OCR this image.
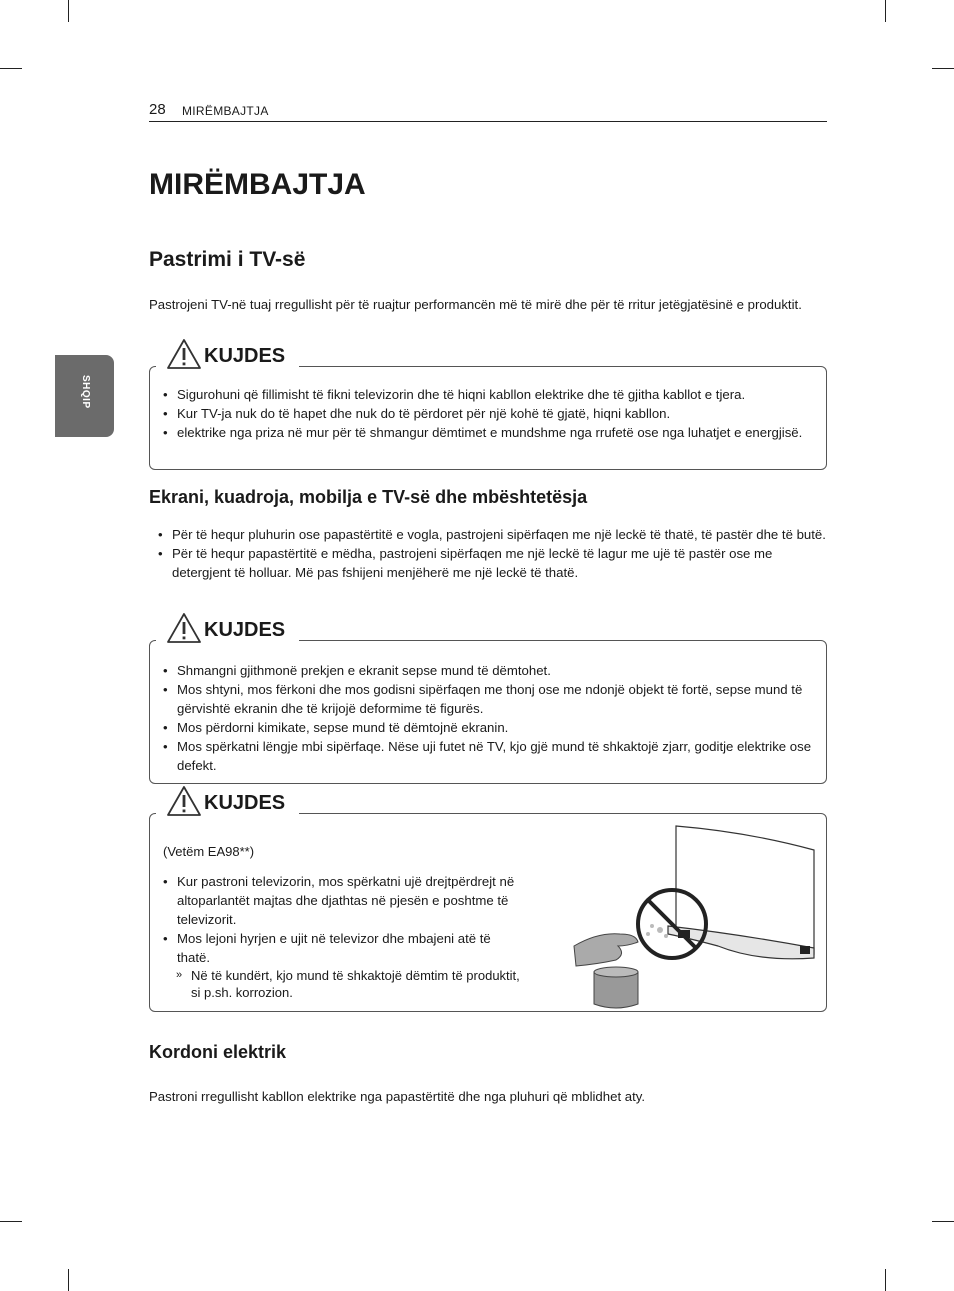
28 MIRËMBAJTJA
SHQIP
MIRËMBAJTJA
Pastrimi i TV-së

Pastrojeni TV-në tuaj rregullisht për të ruajtur performancën më të mirë dhe për të rritur jetëgjatësinë e produktit.

KUJDES
• Sigurohuni që fillimisht të fikni televizorin dhe të hiqni kabllon elektrike dhe të gjitha kabllot e tjera.
• Kur TV-ja nuk do të hapet dhe nuk do të përdoret për një kohë të gjatë, hiqni kabllon.
• elektrike nga priza në mur për të shmangur dëmtimet e mundshme nga rrufetë ose nga luhatjet e energjisë.
Ekrani, kuadroja, mobilja e TV-së dhe mbështetësja
• Për të hequr pluhurin ose papastërtitë e vogla, pastrojeni sipërfaqen me një leckë të thatë, të pastër dhe të butë.
• Për të hequr papastërtitë e mëdha, pastrojeni sipërfaqen me një leckë të lagur me ujë të pastër ose me detergjent të holluar. Më pas fshijeni menjëherë me një leckë të thatë.
KUJDES
• Shmangni gjithmonë prekjen e ekranit sepse mund të dëmtohet.
• Mos shtyni, mos fërkoni dhe mos godisni sipërfaqen me thonj ose me ndonjë objekt të fortë, sepse mund të gërvishtë ekranin dhe të krijojë deformime të figurës.
• Mos përdorni kimikate, sepse mund të dëmtojnë ekranin.
• Mos spërkatni lëngje mbi sipërfaqe. Nëse uji futet në TV, kjo gjë mund të shkaktojë zjarr, goditje elektrike ose defekt.
KUJDES
(Vetëm EA98**)
• Kur pastroni televizorin, mos spërkatni ujë drejtpërdrejt në altoparlantët majtas dhe djathtas në pjesën e poshtme të televizorit.
• Mos lejoni hyrjen e ujit në televizor dhe mbajeni atë të thatë.
» Në të kundërt, kjo mund të shkaktojë dëmtim të produktit, si p.sh. korrozion.
Kordoni elektrik

Pastroni rregullisht kabllon elektrike nga papastërtitë dhe nga pluhuri që mblidhet aty.
